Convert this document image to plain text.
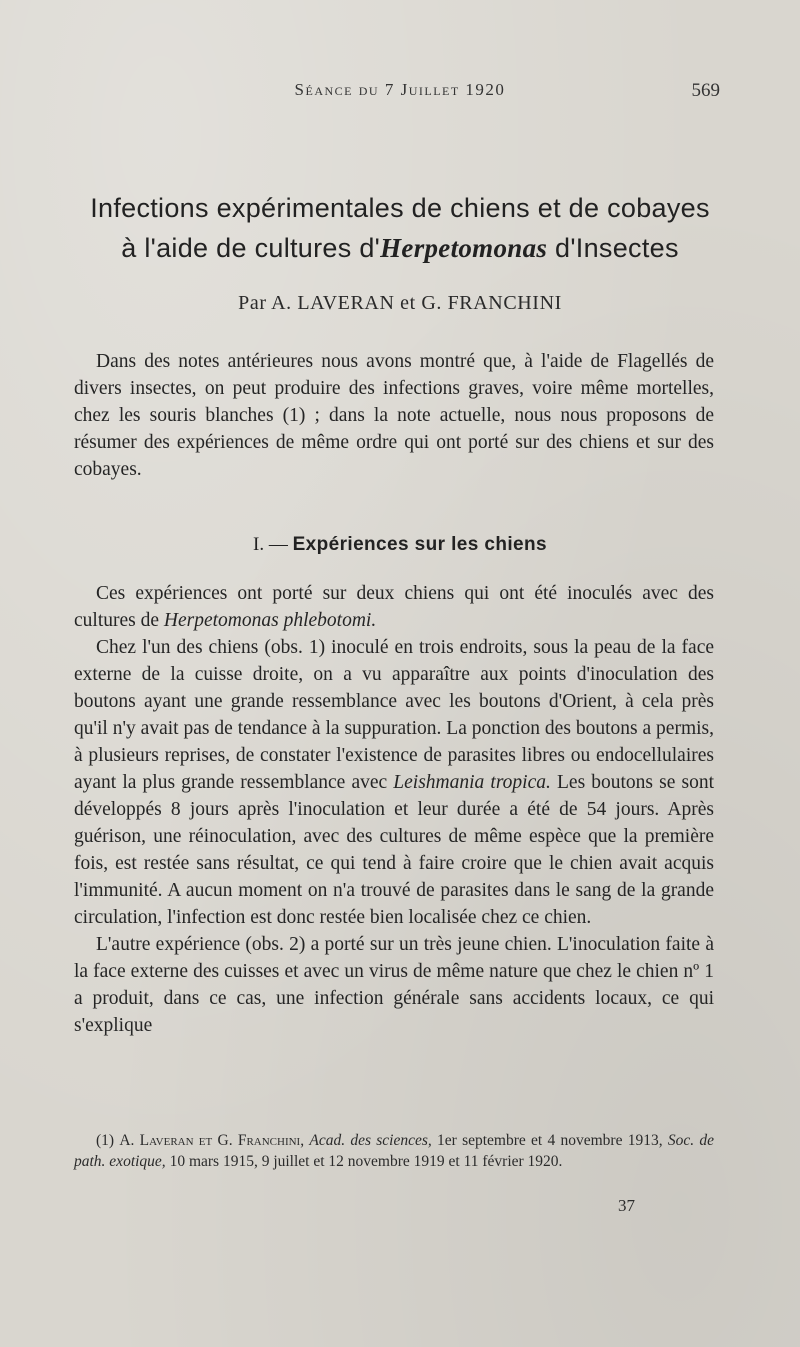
Séance du 7 Juillet 1920	569
Infections expérimentales de chiens et de cobayes
à l'aide de cultures d'Herpetomonas d'Insectes
Par A. LAVERAN et G. FRANCHINI

Dans des notes antérieures nous avons montré que, à l'aide de Flagellés de divers insectes, on peut produire des infections graves, voire même mortelles, chez les souris blanches (1) ; dans la note actuelle, nous nous proposons de résumer des expériences de même ordre qui ont porté sur des chiens et sur des cobayes.

I. — Expériences sur les chiens

Ces expériences ont porté sur deux chiens qui ont été inoculés avec des cultures de Herpetomonas phlebotomi.

Chez l'un des chiens (obs. 1) inoculé en trois endroits, sous la peau de la face externe de la cuisse droite, on a vu apparaître aux points d'inoculation des boutons ayant une grande ressemblance avec les boutons d'Orient, à cela près qu'il n'y avait pas de tendance à la suppuration. La ponction des boutons a permis, à plusieurs reprises, de constater l'existence de parasites libres ou endocellulaires ayant la plus grande ressemblance avec Leishmania tropica. Les boutons se sont développés 8 jours après l'inoculation et leur durée a été de 54 jours. Après guérison, une réinoculation, avec des cultures de même espèce que la première fois, est restée sans résultat, ce qui tend à faire croire que le chien avait acquis l'immunité. A aucun moment on n'a trouvé de parasites dans le sang de la grande circulation, l'infection est donc restée bien localisée chez ce chien.

L'autre expérience (obs. 2) a porté sur un très jeune chien. L'inoculation faite à la face externe des cuisses et avec un virus de même nature que chez le chien nº 1 a produit, dans ce cas, une infection générale sans accidents locaux, ce qui s'explique

(1) A. Laveran et G. Franchini, Acad. des sciences, 1er septembre et 4 novembre 1913, Soc. de path. exotique, 10 mars 1915, 9 juillet et 12 novembre 1919 et 11 février 1920.

37
